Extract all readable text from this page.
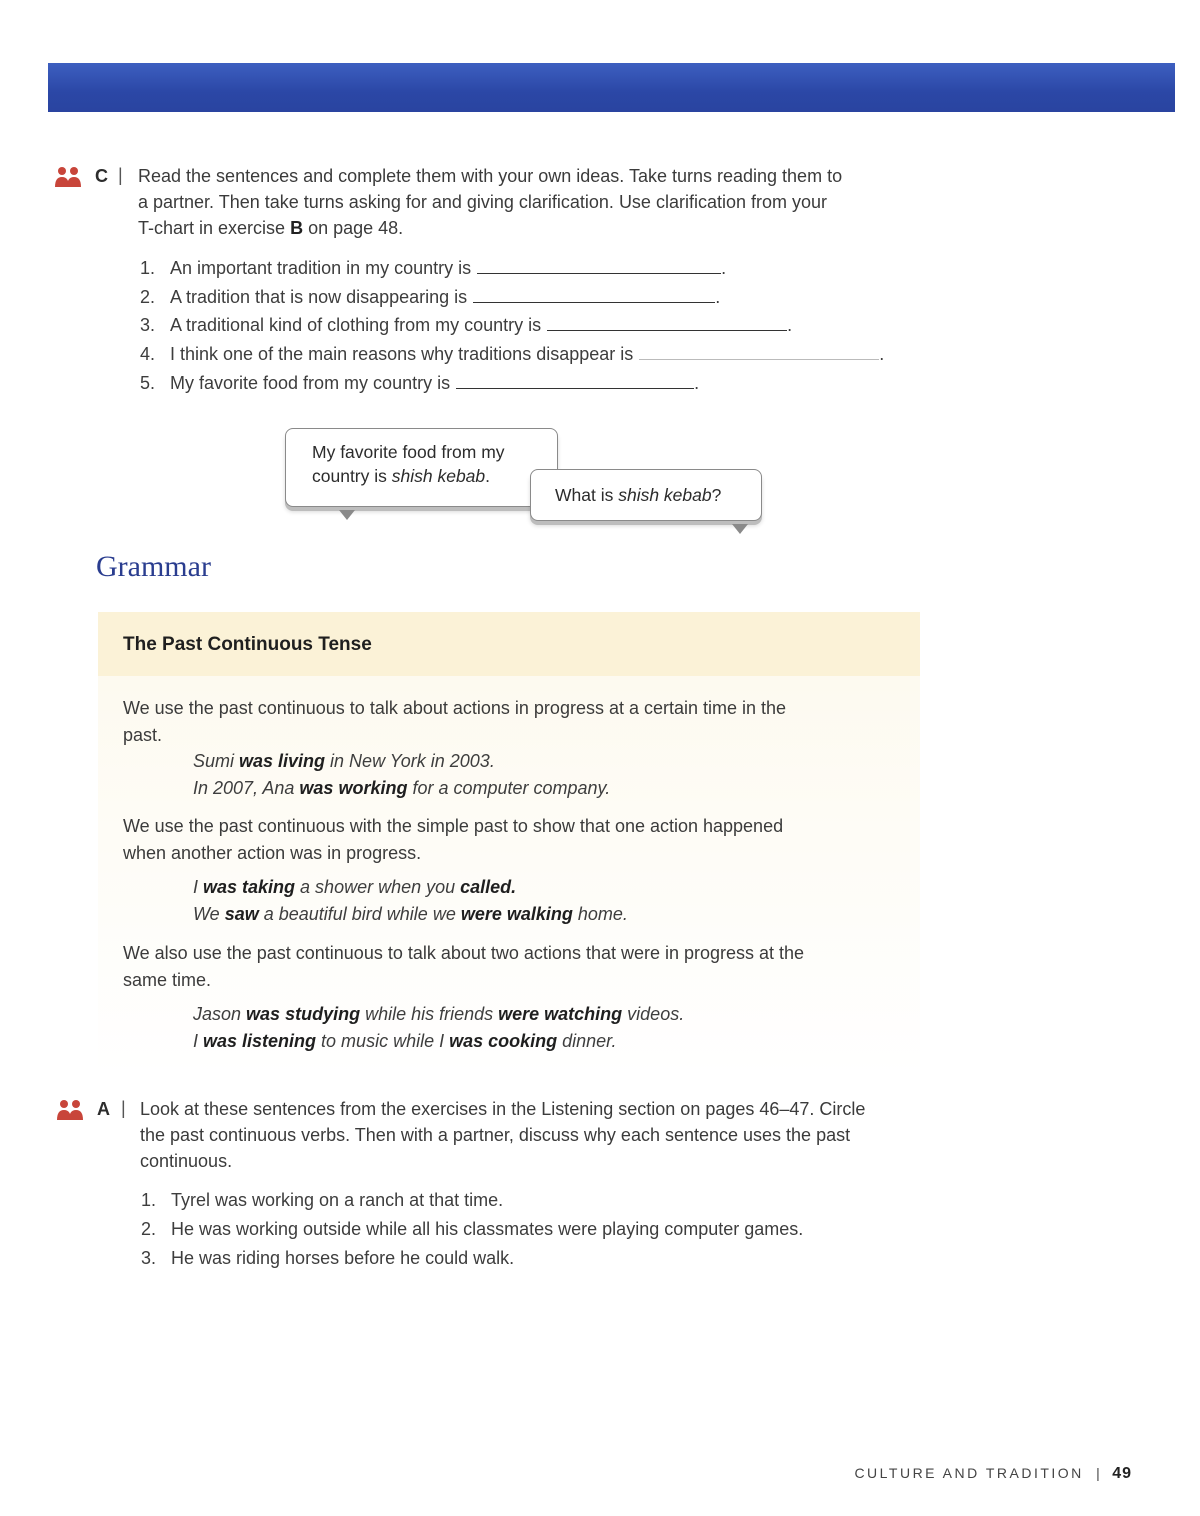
C | Read the sentences and complete them with your own ideas. Take turns reading them to

a partner. Then take turns asking for and giving clarification. Use clarification from your

T-chart in exercise B on page 48.

1. An important tradition in my country is	.
2. A tradition that is now disappearing is	.
3. A traditional kind of clothing from my country is	.
4. I think one of the main reasons why traditions disappear is	.
5. My favorite food from my country is	.
My favorite food from my
country is shish kebab.
What is shish kebab?
Grammar
The Past Continuous Tense

We use the past continuous to talk about actions in progress at a certain time in the

past.

Sumi was living in New York in 2003.
In 2007, Ana was working for a computer company.

We use the past continuous with the simple past to show that one action happened

when another action was in progress.

I was taking a shower when you called.
We saw a beautiful bird while we were walking home.

We also use the past continuous to talk about two actions that were in progress at the

same time.

Jason was studying while his friends were watching videos.
I was listening to music while I was cooking dinner.
A | Look at these sentences from the exercises in the Listening section on pages 46–47. Circle

the past continuous verbs. Then with a partner, discuss why each sentence uses the past

continuous.

1. Tyrel was working on a ranch at that time.
2. He was working outside while all his classmates were playing computer games.
3. He was riding horses before he could walk.
CULTURE AND TRADITION | 49
